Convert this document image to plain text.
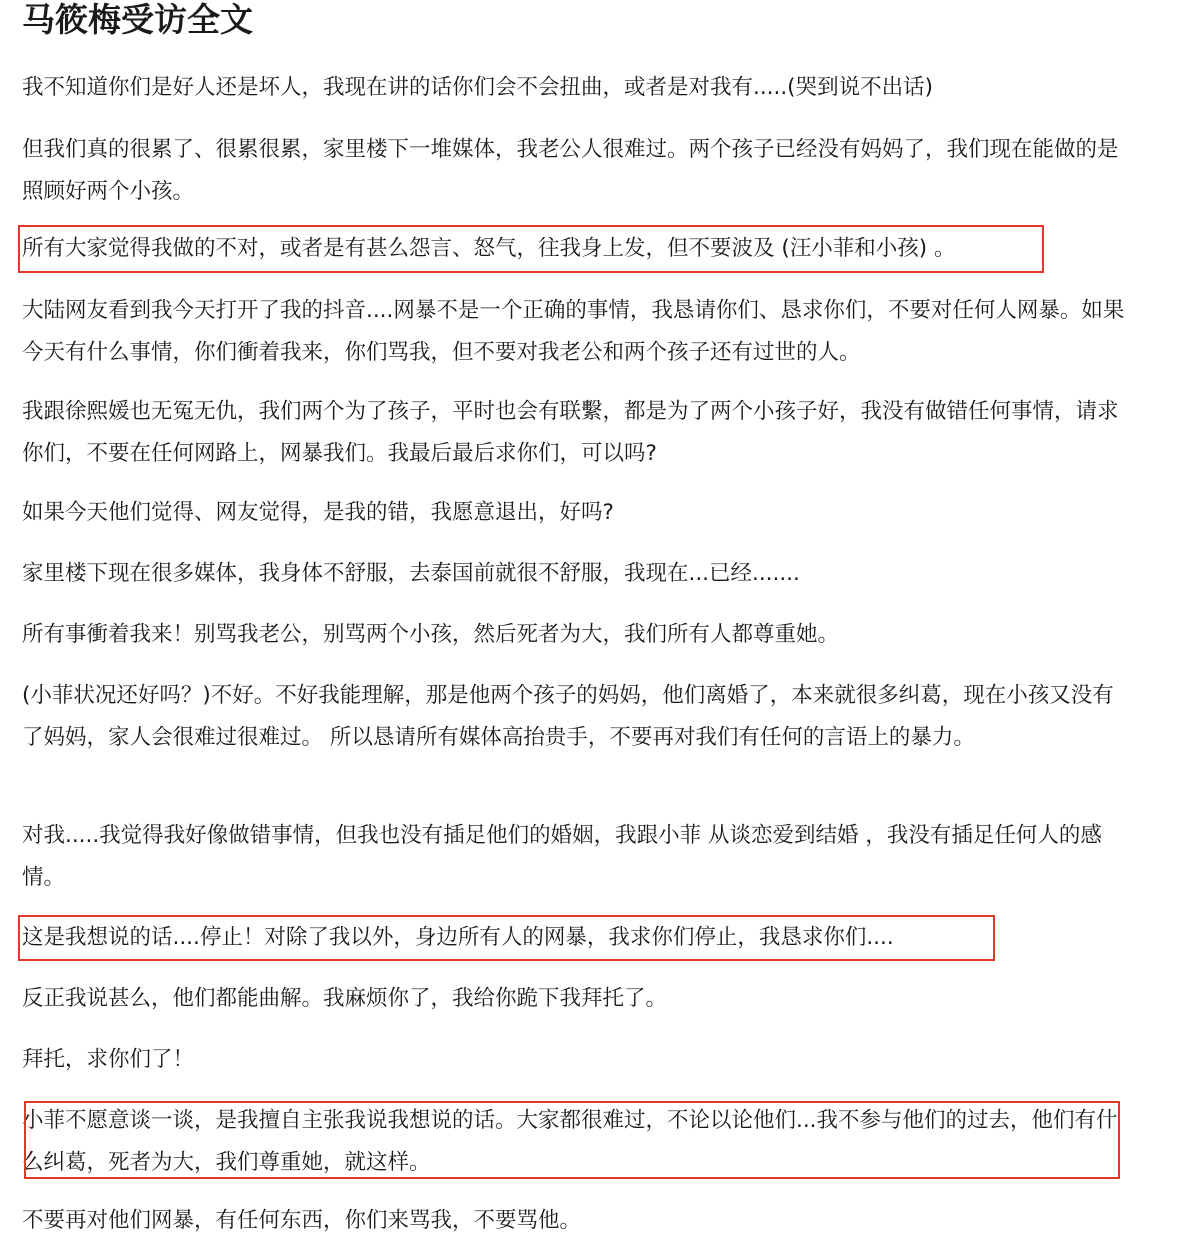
马筱梅受访全文

我不知道你们是好人还是坏人，我现在讲的话你们会不会扭曲，或者是对我有.....(哭到说不出话)

但我们真的很累了、很累很累，家里楼下一堆媒体，我老公人很难过。两个孩子已经没有妈妈了，我们现在能做的是照顾好两个小孩。

所有大家觉得我做的不对，或者是有甚么怨言、怒气，往我身上发，但不要波及 (汪小菲和小孩) 。

大陆网友看到我今天打开了我的抖音....网暴不是一个正确的事情，我恳请你们、恳求你们，不要对任何人网暴。如果今天有什么事情，你们衝着我来，你们骂我，但不要对我老公和两个孩子还有过世的人。

我跟徐熙媛也无冤无仇，我们两个为了孩子，平时也会有联繫，都是为了两个小孩子好，我没有做错任何事情，请求你们，不要在任何网路上，网暴我们。我最后最后求你们，可以吗?

如果今天他们觉得、网友觉得，是我的错，我愿意退出，好吗?

家里楼下现在很多媒体，我身体不舒服，去泰国前就很不舒服，我现在...已经.......

所有事衝着我来！别骂我老公，别骂两个小孩，然后死者为大，我们所有人都尊重她。

(小菲状况还好吗？)不好。不好我能理解，那是他两个孩子的妈妈，他们离婚了，本来就很多纠葛，现在小孩又没有了妈妈，家人会很难过很难过。 所以恳请所有媒体高抬贵手，不要再对我们有任何的言语上的暴力。

对我.....我觉得我好像做错事情，但我也没有插足他们的婚姻，我跟小菲 从谈恋爱到结婚 ，我没有插足任何人的感情。

这是我想说的话....停止！对除了我以外，身边所有人的网暴，我求你们停止，我恳求你们....

反正我说甚么，他们都能曲解。我麻烦你了，我给你跪下我拜托了。

拜托，求你们了！

小菲不愿意谈一谈，是我擅自主张我说我想说的话。大家都很难过，不论以论他们...我不参与他们的过去，他们有什么纠葛，死者为大，我们尊重她，就这样。

不要再对他们网暴，有任何东西，你们来骂我，不要骂他。
